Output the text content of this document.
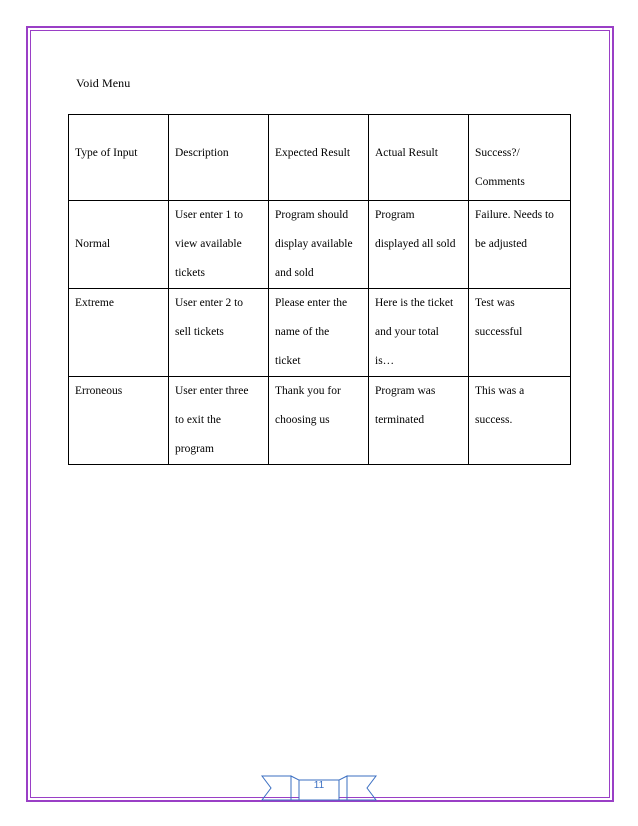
Void Menu
Type of Input	Description	Expected Result	Actual Result	Success?/
Comments

Normal	User enter 1 to
view available
tickets	Program should
display available
and sold	Program
displayed all sold	Failure. Needs to
be adjusted

Extreme	User enter 2 to
sell tickets	Please enter the
name of the
ticket	Here is the ticket
and your total
is…	Test was
successful

Erroneous	User enter three
to exit the
program	Thank you for
choosing us	Program was
terminated	This was a
success.
11
